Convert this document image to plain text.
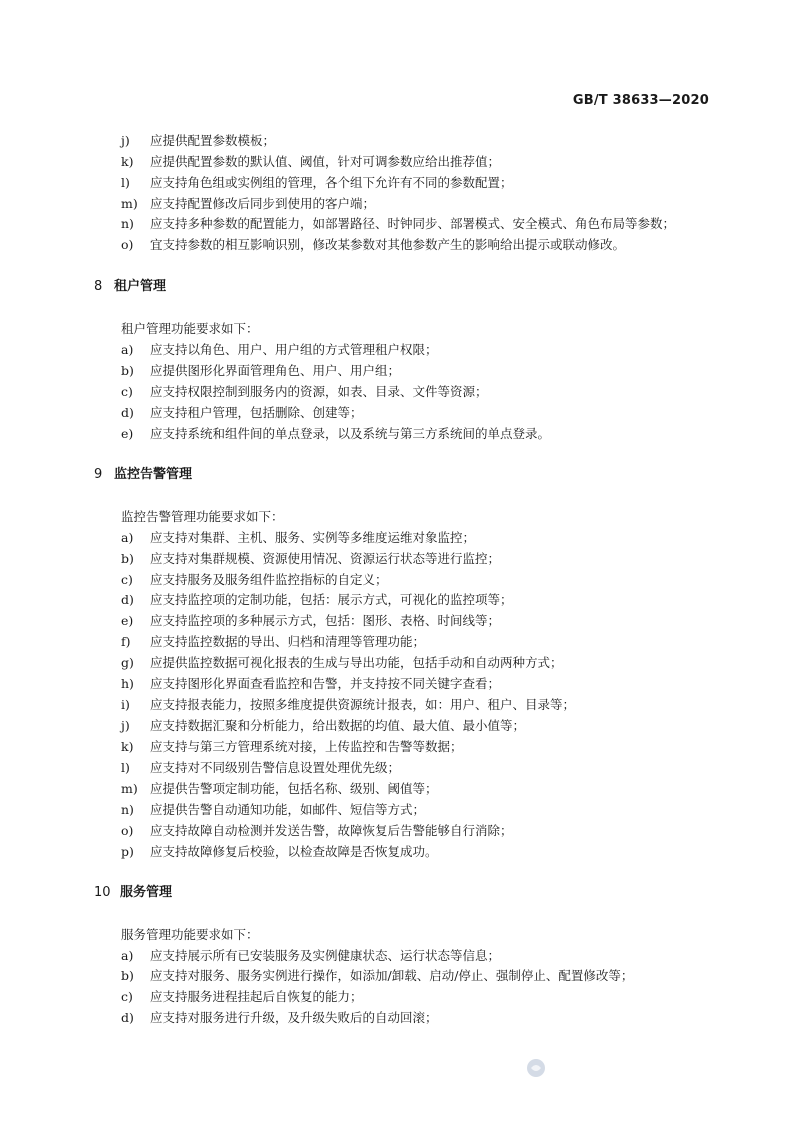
GB/T 38633—2020
j) 应提供配置参数模板；
k) 应提供配置参数的默认值、阈值，针对可调参数应给出推荐值；
l) 应支持角色组或实例组的管理，各个组下允许有不同的参数配置；
m) 应支持配置修改后同步到使用的客户端；
n) 应支持多种参数的配置能力，如部署路径、时钟同步、部署模式、安全模式、角色布局等参数；
o) 宜支持参数的相互影响识别，修改某参数对其他参数产生的影响给出提示或联动修改。
8 租户管理
租户管理功能要求如下：
a) 应支持以角色、用户、用户组的方式管理租户权限；
b) 应提供图形化界面管理角色、用户、用户组；
c) 应支持权限控制到服务内的资源，如表、目录、文件等资源；
d) 应支持租户管理，包括删除、创建等；
e) 应支持系统和组件间的单点登录，以及系统与第三方系统间的单点登录。
9 监控告警管理
监控告警管理功能要求如下：
a) 应支持对集群、主机、服务、实例等多维度运维对象监控；
b) 应支持对集群规模、资源使用情况、资源运行状态等进行监控；
c) 应支持服务及服务组件监控指标的自定义；
d) 应支持监控项的定制功能，包括：展示方式，可视化的监控项等；
e) 应支持监控项的多种展示方式，包括：图形、表格、时间线等；
f) 应支持监控数据的导出、归档和清理等管理功能；
g) 应提供监控数据可视化报表的生成与导出功能，包括手动和自动两种方式；
h) 应支持图形化界面查看监控和告警，并支持按不同关键字查看；
i) 应支持报表能力，按照多维度提供资源统计报表，如：用户、租户、目录等；
j) 应支持数据汇聚和分析能力，给出数据的均值、最大值、最小值等；
k) 应支持与第三方管理系统对接，上传监控和告警等数据；
l) 应支持对不同级别告警信息设置处理优先级；
m) 应提供告警项定制功能，包括名称、级别、阈值等；
n) 应提供告警自动通知功能，如邮件、短信等方式；
o) 应支持故障自动检测并发送告警，故障恢复后告警能够自行消除；
p) 应支持故障修复后校验，以检查故障是否恢复成功。
10 服务管理
服务管理功能要求如下：
a) 应支持展示所有已安装服务及实例健康状态、运行状态等信息；
b) 应支持对服务、服务实例进行操作，如添加/卸载、启动/停止、强制停止、配置修改等；
c) 应支持服务进程挂起后自恢复的能力；
d) 应支持对服务进行升级，及升级失败后的自动回滚；
